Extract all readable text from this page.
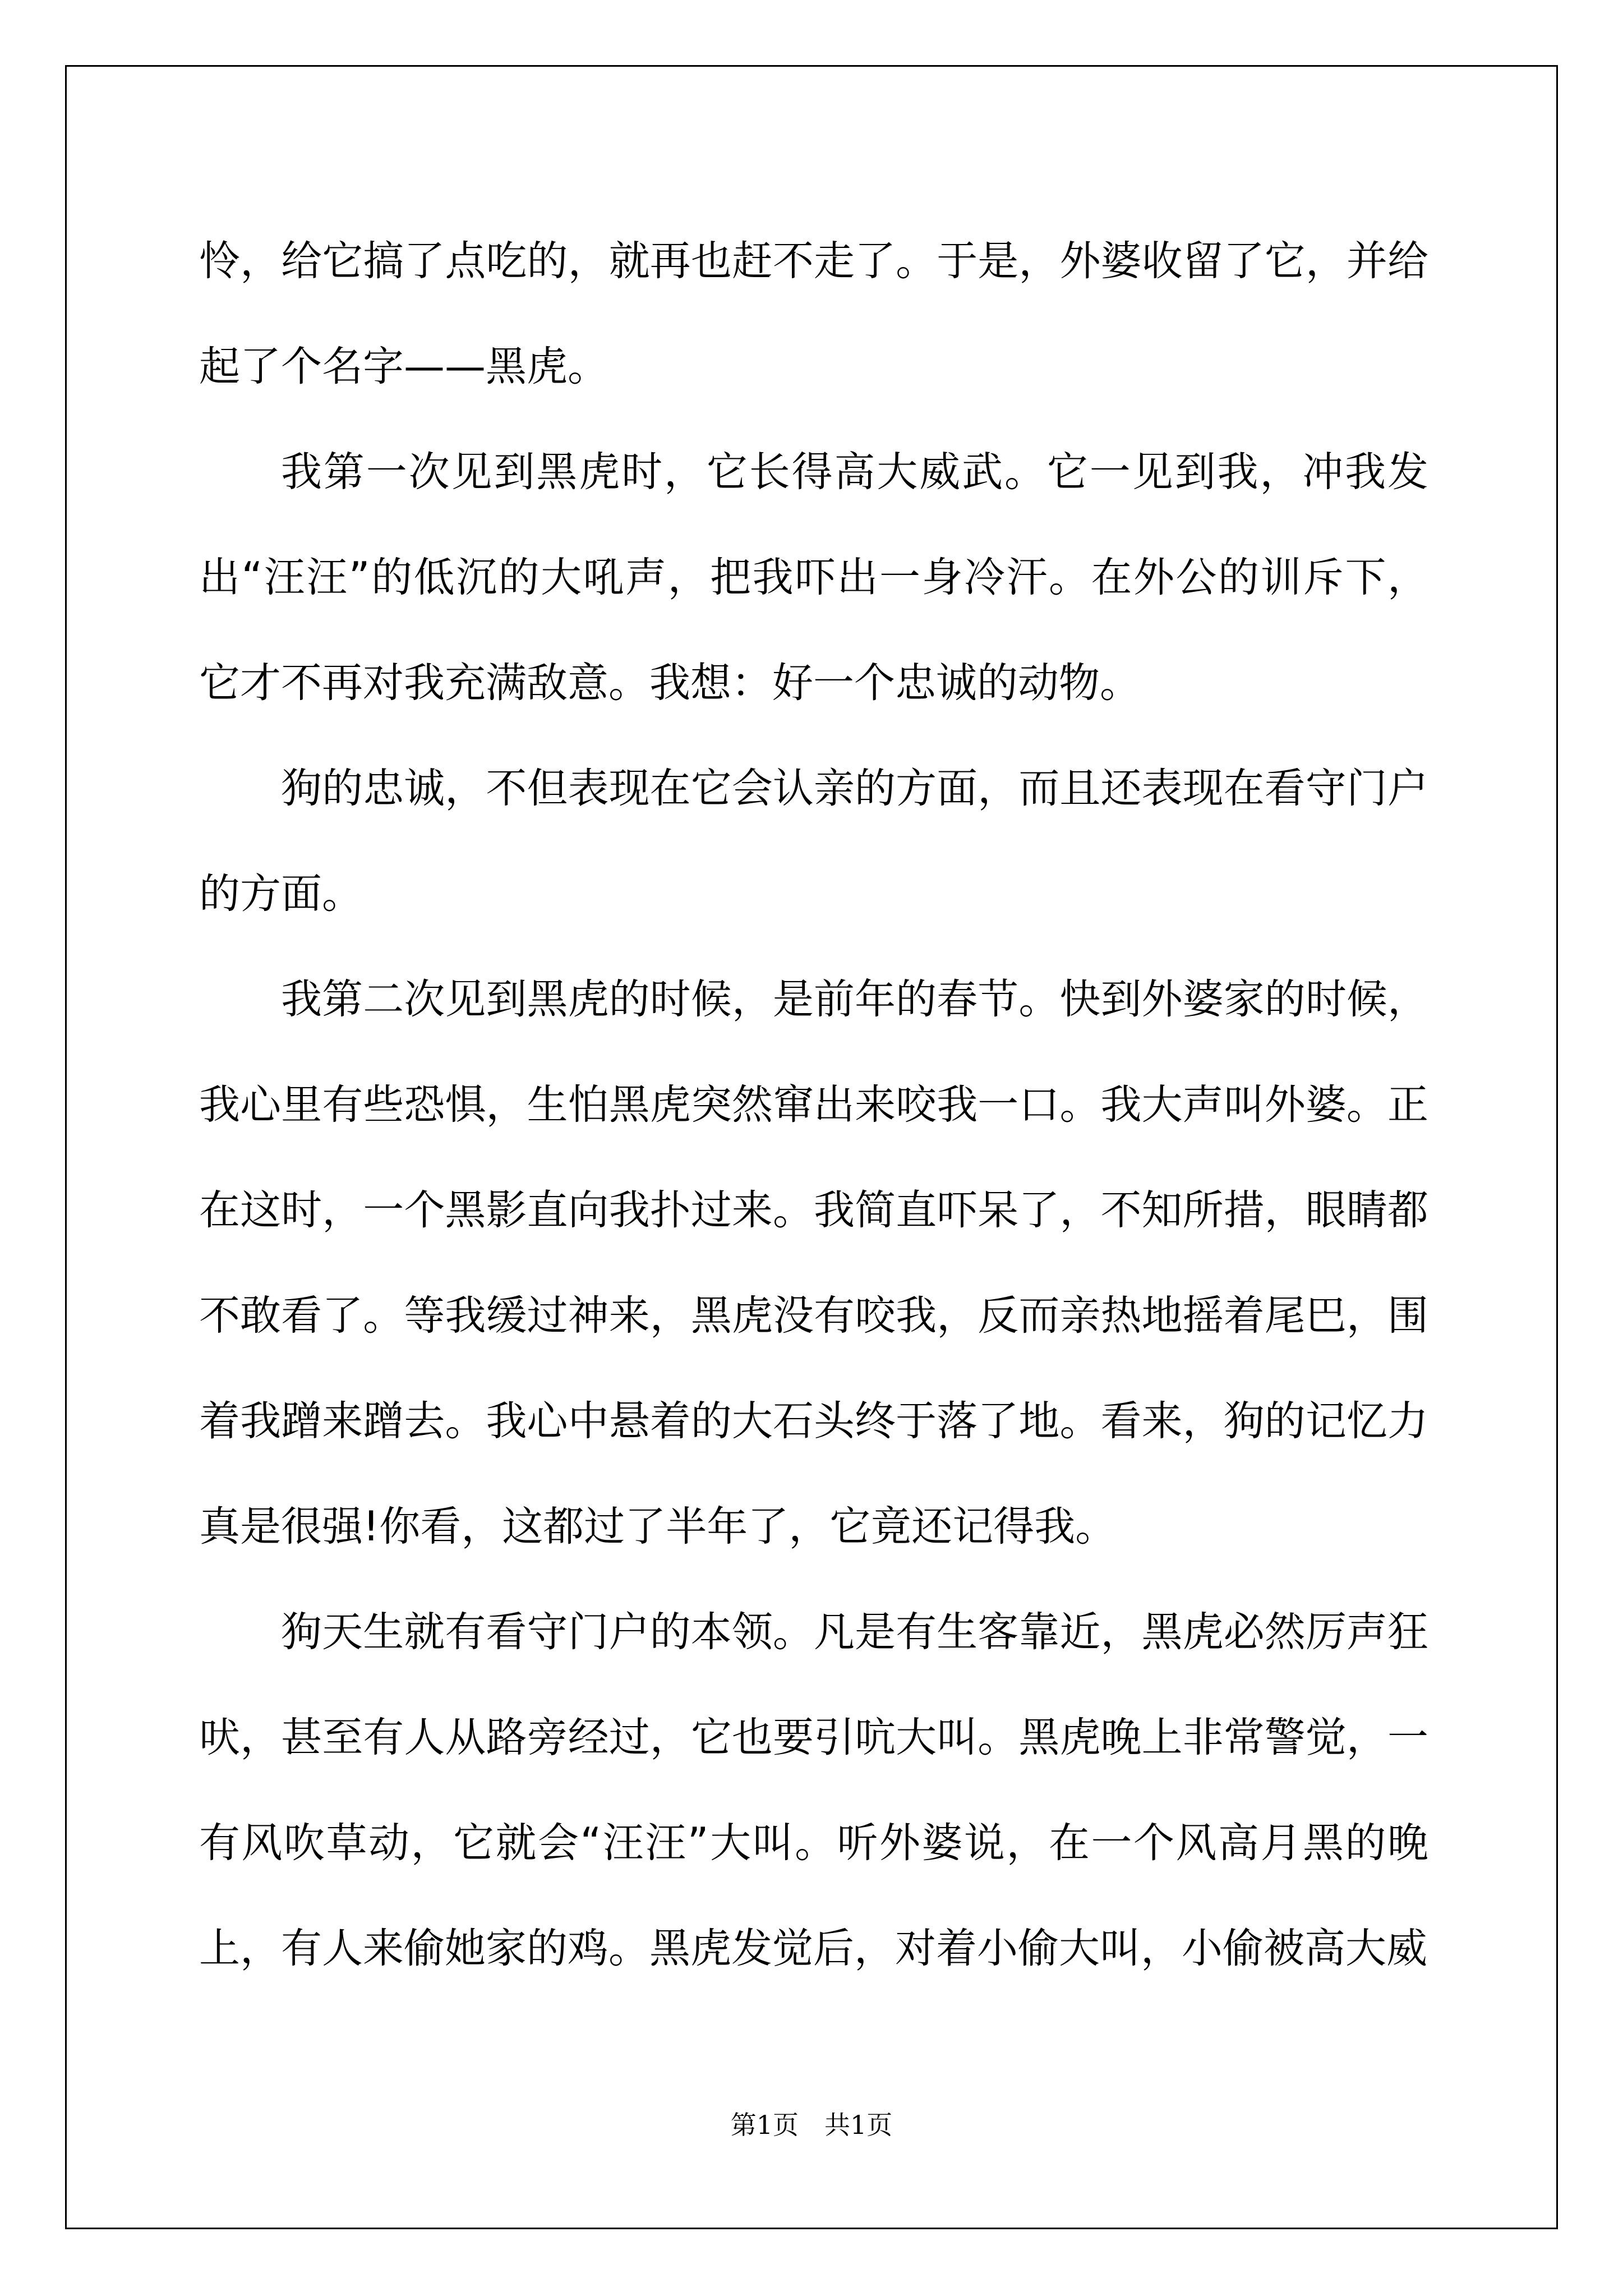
怜，给它搞了点吃的，就再也赶不走了。于是，外婆收留了它，并给起了个名字——黑虎。

我第一次见到黑虎时，它长得高大威武。它一见到我，冲我发出“汪汪”的低沉的大吼声，把我吓出一身冷汗。在外公的训斥下，它才不再对我充满敌意。我想：好一个忠诚的动物。

狗的忠诚，不但表现在它会认亲的方面，而且还表现在看守门户的方面。

我第二次见到黑虎的时候，是前年的春节。快到外婆家的时候，我心里有些恐惧，生怕黑虎突然窜出来咬我一口。我大声叫外婆。正在这时，一个黑影直向我扑过来。我简直吓呆了，不知所措，眼睛都不敢看了。等我缓过神来，黑虎没有咬我，反而亲热地摇着尾巴，围着我蹭来蹭去。我心中悬着的大石头终于落了地。看来，狗的记忆力真是很强!你看，这都过了半年了，它竟还记得我。

狗天生就有看守门户的本领。凡是有生客靠近，黑虎必然厉声狂吠，甚至有人从路旁经过，它也要引吭大叫。黑虎晚上非常警觉，一有风吹草动，它就会“汪汪”大叫。听外婆说，在一个风高月黑的晚上，有人来偷她家的鸡。黑虎发觉后，对着小偷大叫，小偷被高大威

第1页　共1页
